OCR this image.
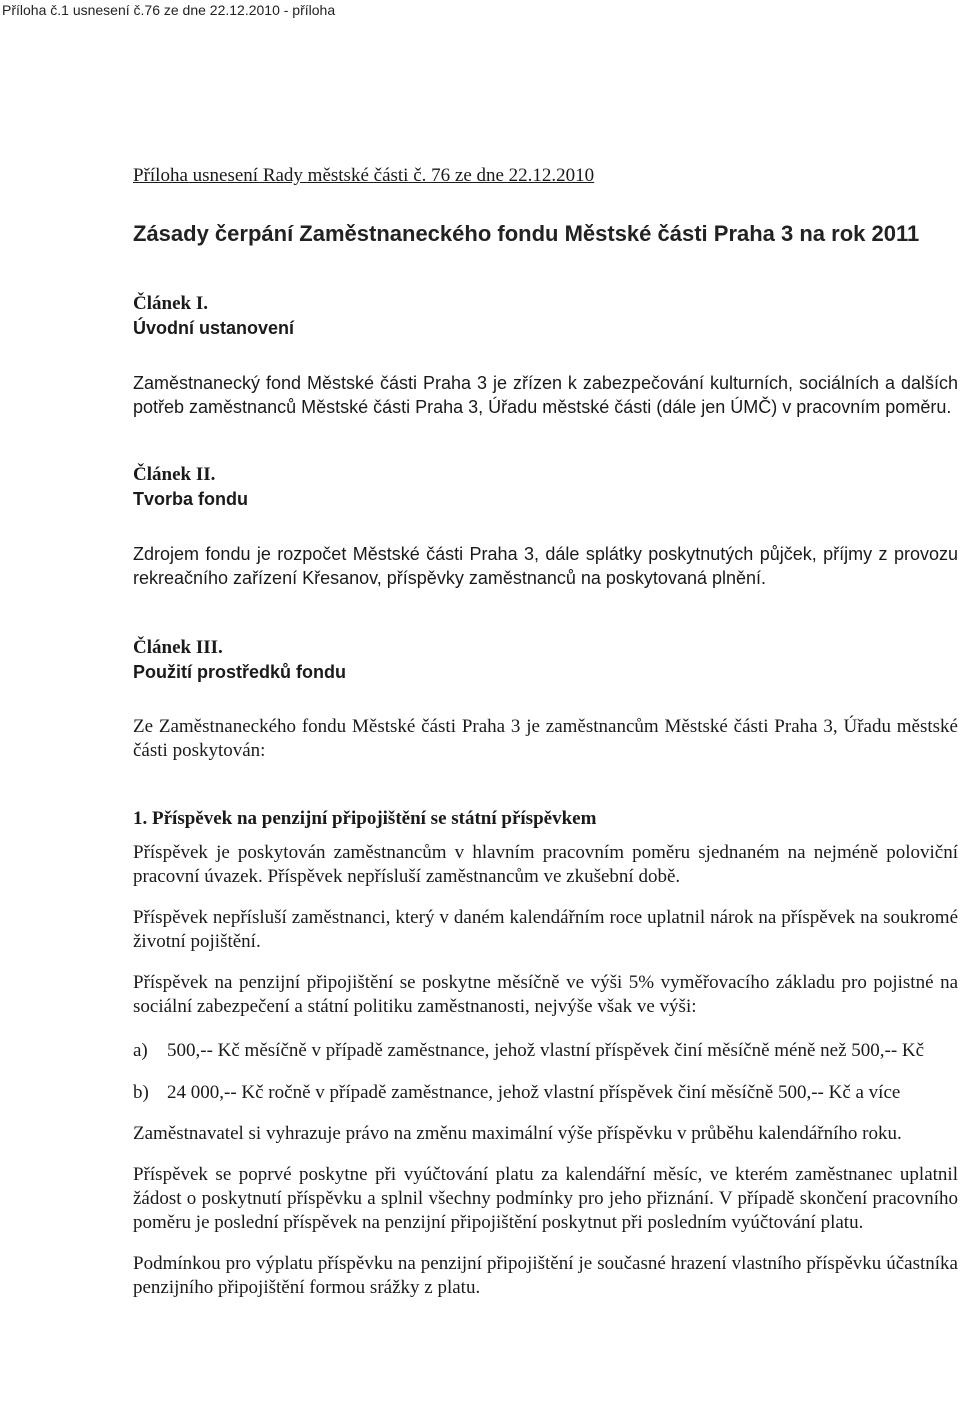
Příloha č.1 usnesení č.76 ze dne 22.12.2010 - příloha

Příloha usnesení Rady městské části č. 76 ze dne 22.12.2010

Zásady čerpání Zaměstnaneckého fondu Městské části Praha 3 na rok 2011

Článek I.

Úvodní ustanovení

Zaměstnanecký fond Městské části Praha 3 je zřízen k zabezpečování kulturních, sociálních a dalších potřeb zaměstnanců Městské části Praha 3, Úřadu městské části (dále jen ÚMČ) v pracovním poměru.

Článek II.

Tvorba fondu

Zdrojem fondu je rozpočet Městské části Praha 3, dále splátky poskytnutých půjček, příjmy z provozu rekreačního zařízení Křesanov, příspěvky zaměstnanců na poskytovaná plnění.

Článek III.

Použití prostředků fondu

Ze Zaměstnaneckého fondu Městské části Praha 3 je zaměstnancům Městské části Praha 3, Úřadu městské části poskytován:

1. Příspěvek na penzijní připojištění se státní příspěvkem

Příspěvek je poskytován zaměstnancům v hlavním pracovním poměru sjednaném na nejméně poloviční pracovní úvazek. Příspěvek nepřísluší zaměstnancům ve zkušební době.

Příspěvek nepřísluší zaměstnanci, který v daném kalendářním roce uplatnil nárok na příspěvek na soukromé životní pojištění.

Příspěvek na penzijní připojištění se poskytne měsíčně ve výši 5% vyměřovacího základu pro pojistné na sociální zabezpečení a státní politiku zaměstnanosti, nejvýše však ve výši:

a)	500,-- Kč měsíčně v případě zaměstnance, jehož vlastní příspěvek činí měsíčně méně než 500,-- Kč
b) 24 000,-- Kč ročně v případě zaměstnance, jehož vlastní příspěvek činí měsíčně 500,-- Kč a více

Zaměstnavatel si vyhrazuje právo na změnu maximální výše příspěvku v průběhu kalendářního roku.

Příspěvek se poprvé poskytne při vyúčtování platu za kalendářní měsíc, ve kterém zaměstnanec uplatnil žádost o poskytnutí příspěvku a splnil všechny podmínky pro jeho přiznání. V případě skončení pracovního poměru je poslední příspěvek na penzijní připojištění poskytnut při posledním vyúčtování platu.

Podmínkou pro výplatu příspěvku na penzijní připojištění je současné hrazení vlastního příspěvku účastníka penzijního připojištění formou srážky z platu.
